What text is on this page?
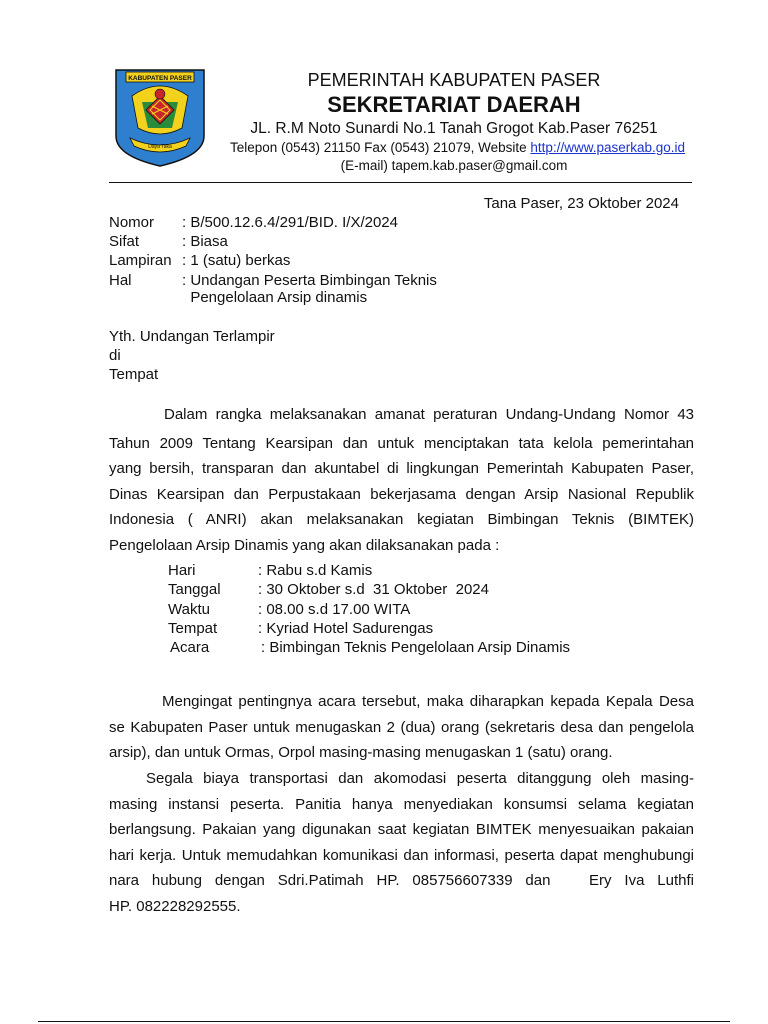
KABUPATEN PASER
Daya Taka
PEMERINTAH KABUPATEN PASER
SEKRETARIAT DAERAH
JL. R.M Noto Sunardi No.1 Tanah Grogot Kab.Paser 76251
Telepon (0543) 21150 Fax (0543) 21079, Website http://www.paserkab.go.id
(E-mail) tapem.kab.paser@gmail.com
Tana Paser, 23 Oktober 2024
Nomor : B/500.12.6.4/291/BID. I/X/2024
Sifat	: Biasa
Lampiran : 1 (satu) berkas
Hal	: Undangan Peserta Bimbingan Teknis
Pengelolaan Arsip dinamis
Yth. Undangan Terlampir
di
Tempat
Dalam rangka melaksanakan amanat peraturan Undang-Undang Nomor 43
Tahun 2009 Tentang Kearsipan dan untuk menciptakan tata kelola pemerintahan
yang bersih, transparan dan akuntabel di lingkungan Pemerintah Kabupaten Paser,
Dinas Kearsipan dan Perpustakaan bekerjasama dengan Arsip Nasional Republik
Indonesia ( ANRI) akan melaksanakan kegiatan Bimbingan Teknis (BIMTEK)
Pengelolaan Arsip Dinamis yang akan dilaksanakan pada :
Hari	: Rabu s.d Kamis
Tanggal : 30 Oktober s.d  31 Oktober  2024
Waktu	: 08.00 s.d 17.00 WITA
Tempat	: Kyriad Hotel Sadurengas
Acara	: Bimbingan Teknis Pengelolaan Arsip Dinamis
Mengingat pentingnya acara tersebut, maka diharapkan kepada Kepala Desa
se Kabupaten Paser untuk menugaskan 2 (dua) orang (sekretaris desa dan pengelola
arsip), dan untuk Ormas, Orpol masing-masing menugaskan 1 (satu) orang.
Segala biaya transportasi dan akomodasi peserta ditanggung oleh masing-
masing instansi peserta. Panitia hanya menyediakan konsumsi selama kegiatan
berlangsung. Pakaian yang digunakan saat kegiatan BIMTEK menyesuaikan pakaian
hari kerja. Untuk memudahkan komunikasi dan informasi, peserta dapat menghubungi
nara hubung dengan Sdri.Patimah HP. 085756607339 dan   Ery Iva Luthfi
HP. 082228292555.
